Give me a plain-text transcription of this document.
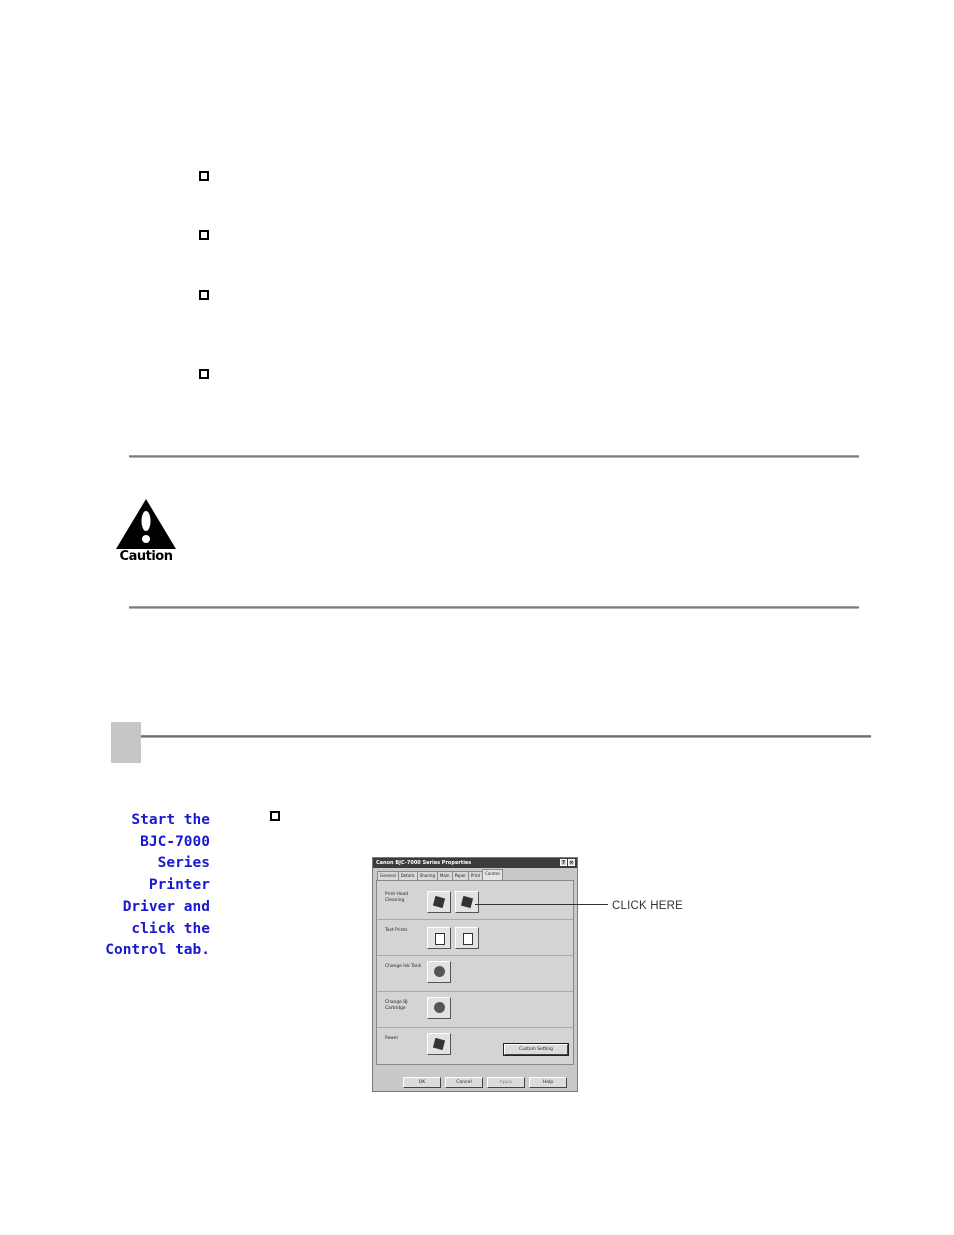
Caution
Start the
BJC-7000
Series
Printer
Driver and
click the
Control tab.
Canon BJC-7000 Series Properties	? ×
General	Details	Sharing	Main	Paper	Print	Control
Print Head Cleaning
Test Prints
Change Ink Tank
Change BJ Cartridge
Power
Custom Setting
OK	Cancel	Apply	Help
CLICK HERE
